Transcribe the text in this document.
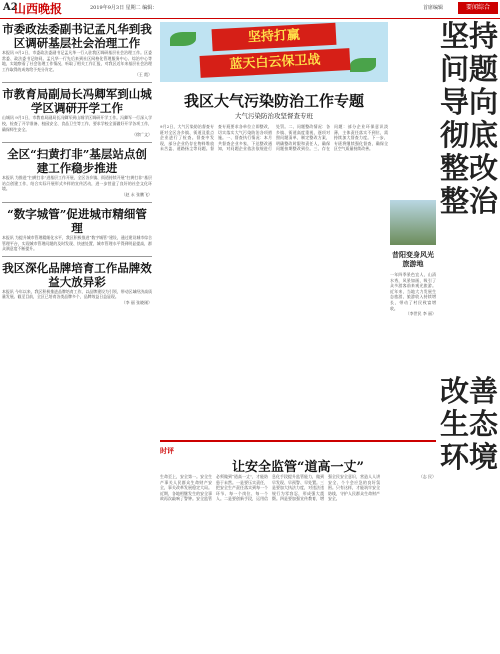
A2
山西晚报	2019年9月3日 星期二 编辑：	首席编辑	要闻综合
市委政法委副书记孟凡华到我区调研基层社会治理工作
本报讯 9月2日，市委政法委副书记孟凡华一行入驻我区调研基层社会治理工作。区委常委、政法委书记陪同。孟凡华一行先后来到社区网格化管理服务中心、综治中心等地，实地察看了社会治理工作情况，听取了相关工作汇报，对我区近年来基层社会治理工作取得的成效给予充分肯定。
（王 霞）
市教育局副局长冯卿军到山城学区调研开学工作
山城讯 9月1日，市教育局副局长冯卿军到山城学区调研开学工作。冯卿军一行深入学校，检查了开学准备、校园安全、食品卫生等工作，要求学校全面做好开学各项工作，确保师生安全。
（徐广文）
全区“扫黄打非”基层站点创建工作稳步推进
本报讯 为推进“扫黄打非”进基层工作开展，全区各乡镇、街道持续开展“扫黄打非”基层站点创建工作，结合实际开展形式多样的宣传活动，进一步营造了良好的社会文化环境。
（赵 永 张鹏飞）
“数字城管”促进城市精细管理
本报讯 为提升城市管理精细化水平，我区积极推进“数字城管”建设，通过建设城市综合管理平台，实现城市管理问题的及时发现、快速处置，城市管理水平得到明显提高，群众满意度不断提升。
我区深化品牌培育工作品牌效益大放异彩
本报讯 今年以来，我区积极推进品牌培育工作，以品牌建设为引领，带动区域经济高质量发展。截至目前，全区已培育各类品牌多个，品牌效益日益显现。
（李 丽 张晓刚）
坚持打赢
蓝天白云保卫战
我区大气污染防治工作专题
大气污染防治攻坚督查专班
9月2日，大气污染防治督查专班对全区各乡镇、街道及重点企业进行了检查。督查中发现，部分企业仍存在物料堆放未苫盖、道路扬尘等问题。督查专班要求各单位立即整改，切实落实大气污染防治各项措施。一、督查执行情况：本月共督查企业多家，下达整改通知，对问题企业依法依规进行处罚。二、问题整改情况：各乡镇、街道高度重视，逐项对照问题清单，制定整改方案，明确整改时限和责任人，确保问题按期整改到位。三、存在问题：部分企业环保意识淡薄，主体责任落实不到位，需持续加大督查力度。下一步，专班将继续强化督查，确保全区空气质量持续改善。
坚持问题导向 彻底整改整治
改善生态环境
昔阳变身风光旅游地
一年四季景色宜人，山清水秀，风景如画，吸引了众多游客前来观光旅游。近年来，当地大力发展生态旅游，旅游收入持续增长，带动了村民致富增收。
（李世民 李 丽）
时评
让安全监管“道高一丈”
生命至上，安全第一。安全生产事关人民群众生命财产安全，事关改革发展稳定大局。近期，各地相继发生的安全事故再次敲响了警钟。安全监管必须做到“道高一丈”，才能防患于未然。一是要压实责任，把安全生产责任落实到每一个环节、每一个岗位、每一个人。二是要创新手段，运用信息化手段提升监管能力，做到早发现、早预警、早处置。三是要加大执法力度，对违法违规行为零容忍，形成强大震慑。四是要加强宣传教育，增强全民安全意识，营造人人讲安全、个个会应急的良好氛围。只有这样，才能筑牢安全防线，守护人民群众生命财产安全。
（志 民）
